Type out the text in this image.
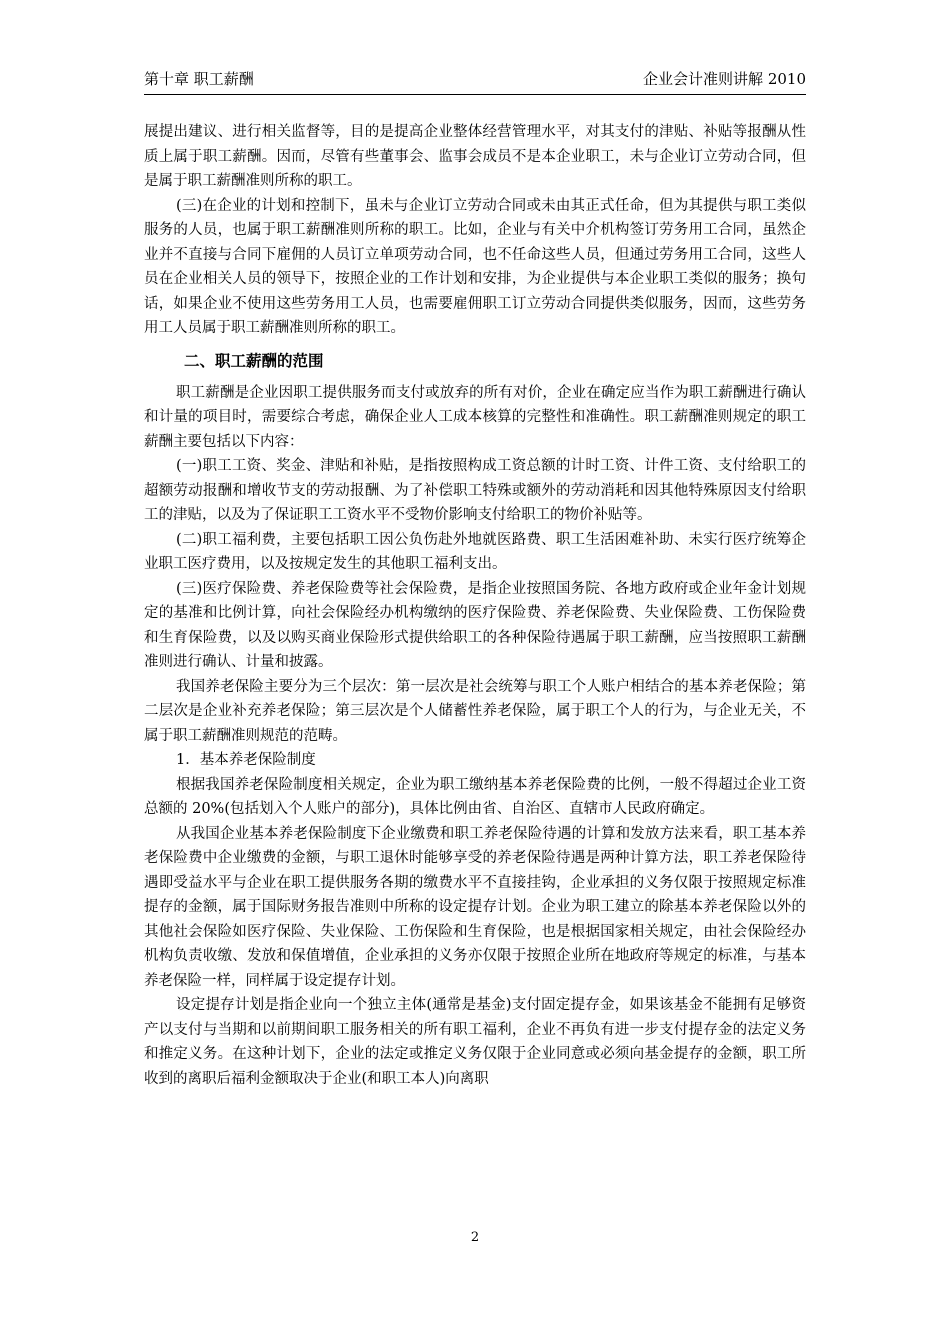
第十章 职工薪酬	企业会计准则讲解 2010

展提出建议、进行相关监督等，目的是提高企业整体经营管理水平，对其支付的津贴、补贴等报酬从性质上属于职工薪酬。因而，尽管有些董事会、监事会成员不是本企业职工，未与企业订立劳动合同，但是属于职工薪酬准则所称的职工。

(三)在企业的计划和控制下，虽未与企业订立劳动合同或未由其正式任命，但为其提供与职工类似服务的人员，也属于职工薪酬准则所称的职工。比如，企业与有关中介机构签订劳务用工合同，虽然企业并不直接与合同下雇佣的人员订立单项劳动合同，也不任命这些人员，但通过劳务用工合同，这些人员在企业相关人员的领导下，按照企业的工作计划和安排，为企业提供与本企业职工类似的服务；换句话，如果企业不使用这些劳务用工人员，也需要雇佣职工订立劳动合同提供类似服务，因而，这些劳务用工人员属于职工薪酬准则所称的职工。

二、职工薪酬的范围

职工薪酬是企业因职工提供服务而支付或放弃的所有对价，企业在确定应当作为职工薪酬进行确认和计量的项目时，需要综合考虑，确保企业人工成本核算的完整性和准确性。职工薪酬准则规定的职工薪酬主要包括以下内容：

(一)职工工资、奖金、津贴和补贴，是指按照构成工资总额的计时工资、计件工资、支付给职工的超额劳动报酬和增收节支的劳动报酬、为了补偿职工特殊或额外的劳动消耗和因其他特殊原因支付给职工的津贴，以及为了保证职工工资水平不受物价影响支付给职工的物价补贴等。

(二)职工福利费，主要包括职工因公负伤赴外地就医路费、职工生活困难补助、未实行医疗统筹企业职工医疗费用，以及按规定发生的其他职工福利支出。

(三)医疗保险费、养老保险费等社会保险费，是指企业按照国务院、各地方政府或企业年金计划规定的基准和比例计算，向社会保险经办机构缴纳的医疗保险费、养老保险费、失业保险费、工伤保险费和生育保险费，以及以购买商业保险形式提供给职工的各种保险待遇属于职工薪酬，应当按照职工薪酬准则进行确认、计量和披露。

我国养老保险主要分为三个层次：第一层次是社会统筹与职工个人账户相结合的基本养老保险；第二层次是企业补充养老保险；第三层次是个人储蓄性养老保险，属于职工个人的行为，与企业无关，不属于职工薪酬准则规范的范畴。

1．基本养老保险制度

根据我国养老保险制度相关规定，企业为职工缴纳基本养老保险费的比例，一般不得超过企业工资总额的 20%(包括划入个人账户的部分)，具体比例由省、自治区、直辖市人民政府确定。

从我国企业基本养老保险制度下企业缴费和职工养老保险待遇的计算和发放方法来看，职工基本养老保险费中企业缴费的金额，与职工退休时能够享受的养老保险待遇是两种计算方法，职工养老保险待遇即受益水平与企业在职工提供服务各期的缴费水平不直接挂钩，企业承担的义务仅限于按照规定标准提存的金额，属于国际财务报告准则中所称的设定提存计划。企业为职工建立的除基本养老保险以外的其他社会保险如医疗保险、失业保险、工伤保险和生育保险，也是根据国家相关规定，由社会保险经办机构负责收缴、发放和保值增值，企业承担的义务亦仅限于按照企业所在地政府等规定的标准，与基本养老保险一样，同样属于设定提存计划。

设定提存计划是指企业向一个独立主体(通常是基金)支付固定提存金，如果该基金不能拥有足够资产以支付与当期和以前期间职工服务相关的所有职工福利，企业不再负有进一步支付提存金的法定义务和推定义务。在这种计划下，企业的法定或推定义务仅限于企业同意或必须向基金提存的金额，职工所收到的离职后福利金额取决于企业(和职工本人)向离职

2
